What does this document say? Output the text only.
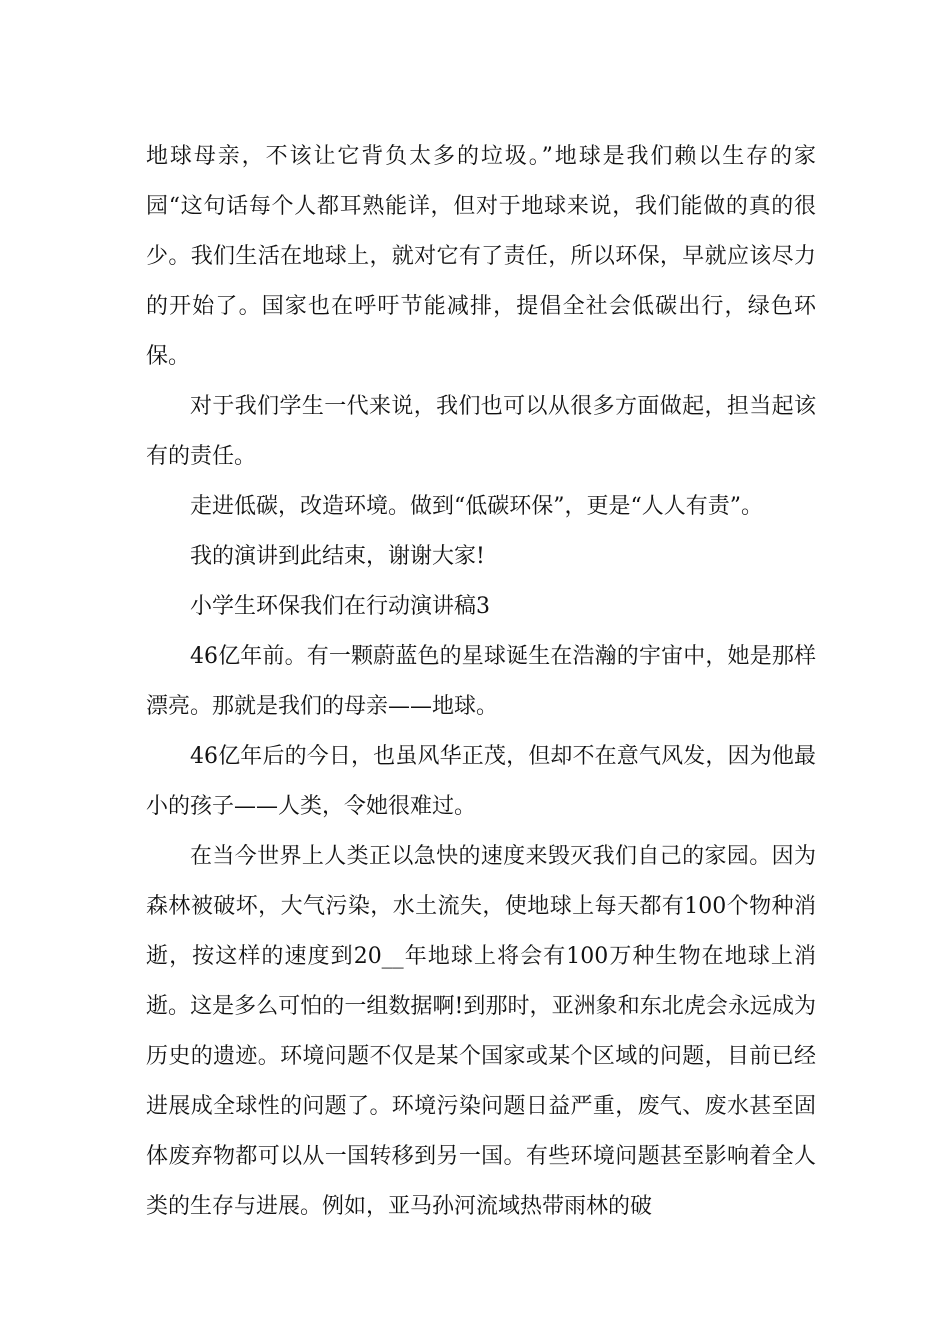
地球母亲，不该让它背负太多的垃圾。”地球是我们赖以生存的家园“这句话每个人都耳熟能详，但对于地球来说，我们能做的真的很少。我们生活在地球上，就对它有了责任，所以环保，早就应该尽力的开始了。国家也在呼吁节能减排，提倡全社会低碳出行，绿色环保。

对于我们学生一代来说，我们也可以从很多方面做起，担当起该有的责任。

走进低碳，改造环境。做到“低碳环保”，更是“人人有责”。

我的演讲到此结束，谢谢大家!

小学生环保我们在行动演讲稿3

46亿年前。有一颗蔚蓝色的星球诞生在浩瀚的宇宙中，她是那样漂亮。那就是我们的母亲——地球。

46亿年后的今日，也虽风华正茂，但却不在意气风发，因为他最小的孩子——人类，令她很难过。

在当今世界上人类正以急快的速度来毁灭我们自己的家园。因为森林被破坏，大气污染，水土流失，使地球上每天都有100个物种消逝，按这样的速度到20__年地球上将会有100万种生物在地球上消逝。这是多么可怕的一组数据啊!到那时，亚洲象和东北虎会永远成为历史的遗迹。环境问题不仅是某个国家或某个区域的问题，目前已经进展成全球性的问题了。环境污染问题日益严重，废气、废水甚至固体废弃物都可以从一国转移到另一国。有些环境问题甚至影响着全人类的生存与进展。例如，亚马孙河流域热带雨林的破
